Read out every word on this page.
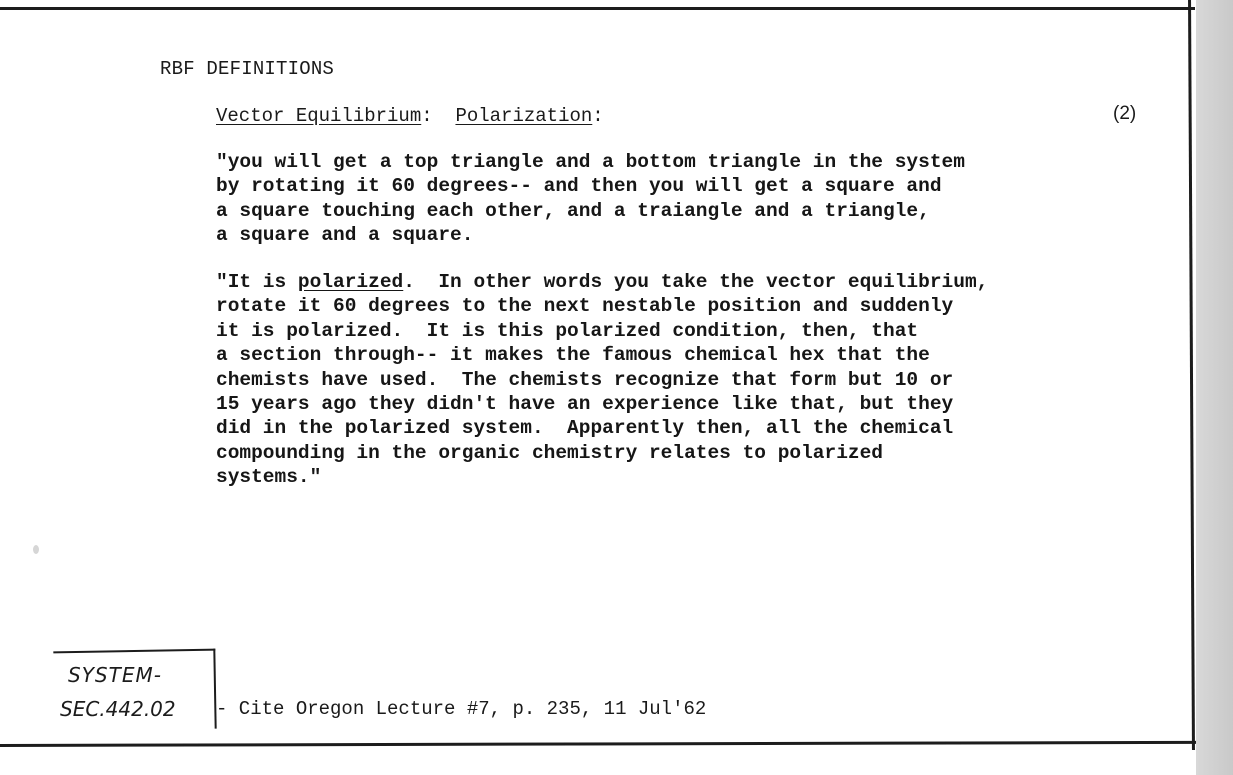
RBF DEFINITIONS
Vector Equilibrium:  Polarization:	(2)
"you will get a top triangle and a bottom triangle in the system
by rotating it 60 degrees-- and then you will get a square and
a square touching each other, and a traiangle and a triangle,
a square and a square.
"It is polarized.  In other words you take the vector equilibrium,
rotate it 60 degrees to the next nestable position and suddenly
it is polarized.  It is this polarized condition, then, that
a section through-- it makes the famous chemical hex that the
chemists have used.  The chemists recognize that form but 10 or
15 years ago they didn't have an experience like that, but they
did in the polarized system.  Apparently then, all the chemical
compounding in the organic chemistry relates to polarized
systems."
SYSTEM-
SEC.442.02 - Cite Oregon Lecture #7, p. 235, 11 Jul'62
